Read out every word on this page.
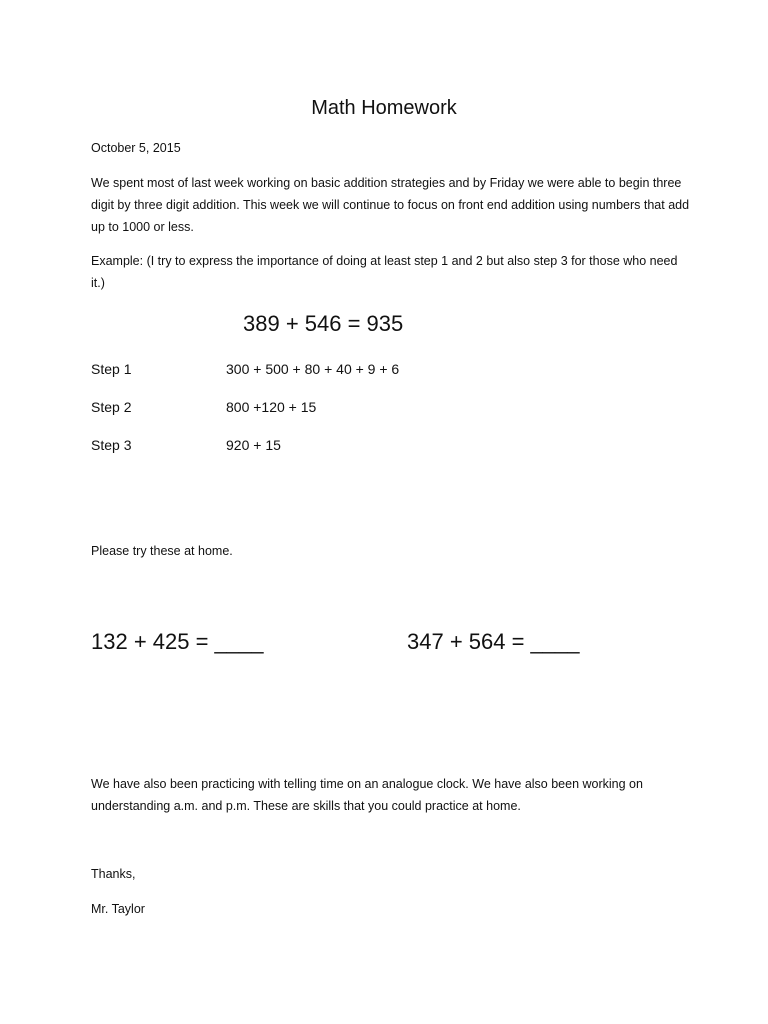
Math Homework

October 5, 2015

We spent most of last week working on basic addition strategies and by Friday we were able to begin three digit by three digit addition. This week we will continue to focus on front end addition using numbers that add up to 1000 or less.

Example: (I try to express the importance of doing at least step 1 and 2 but also step 3 for those who need it.)

389 + 546 = 935

Step 1	300 + 500 + 80 + 40 + 9 + 6

Step 2	800 +120 + 15

Step 3	920 + 15

Please try these at home.

132 + 425 = ____	347 + 564 = ____

We have also been practicing with telling time on an analogue clock. We have also been working on understanding a.m. and p.m. These are skills that you could practice at home.

Thanks,

Mr. Taylor
